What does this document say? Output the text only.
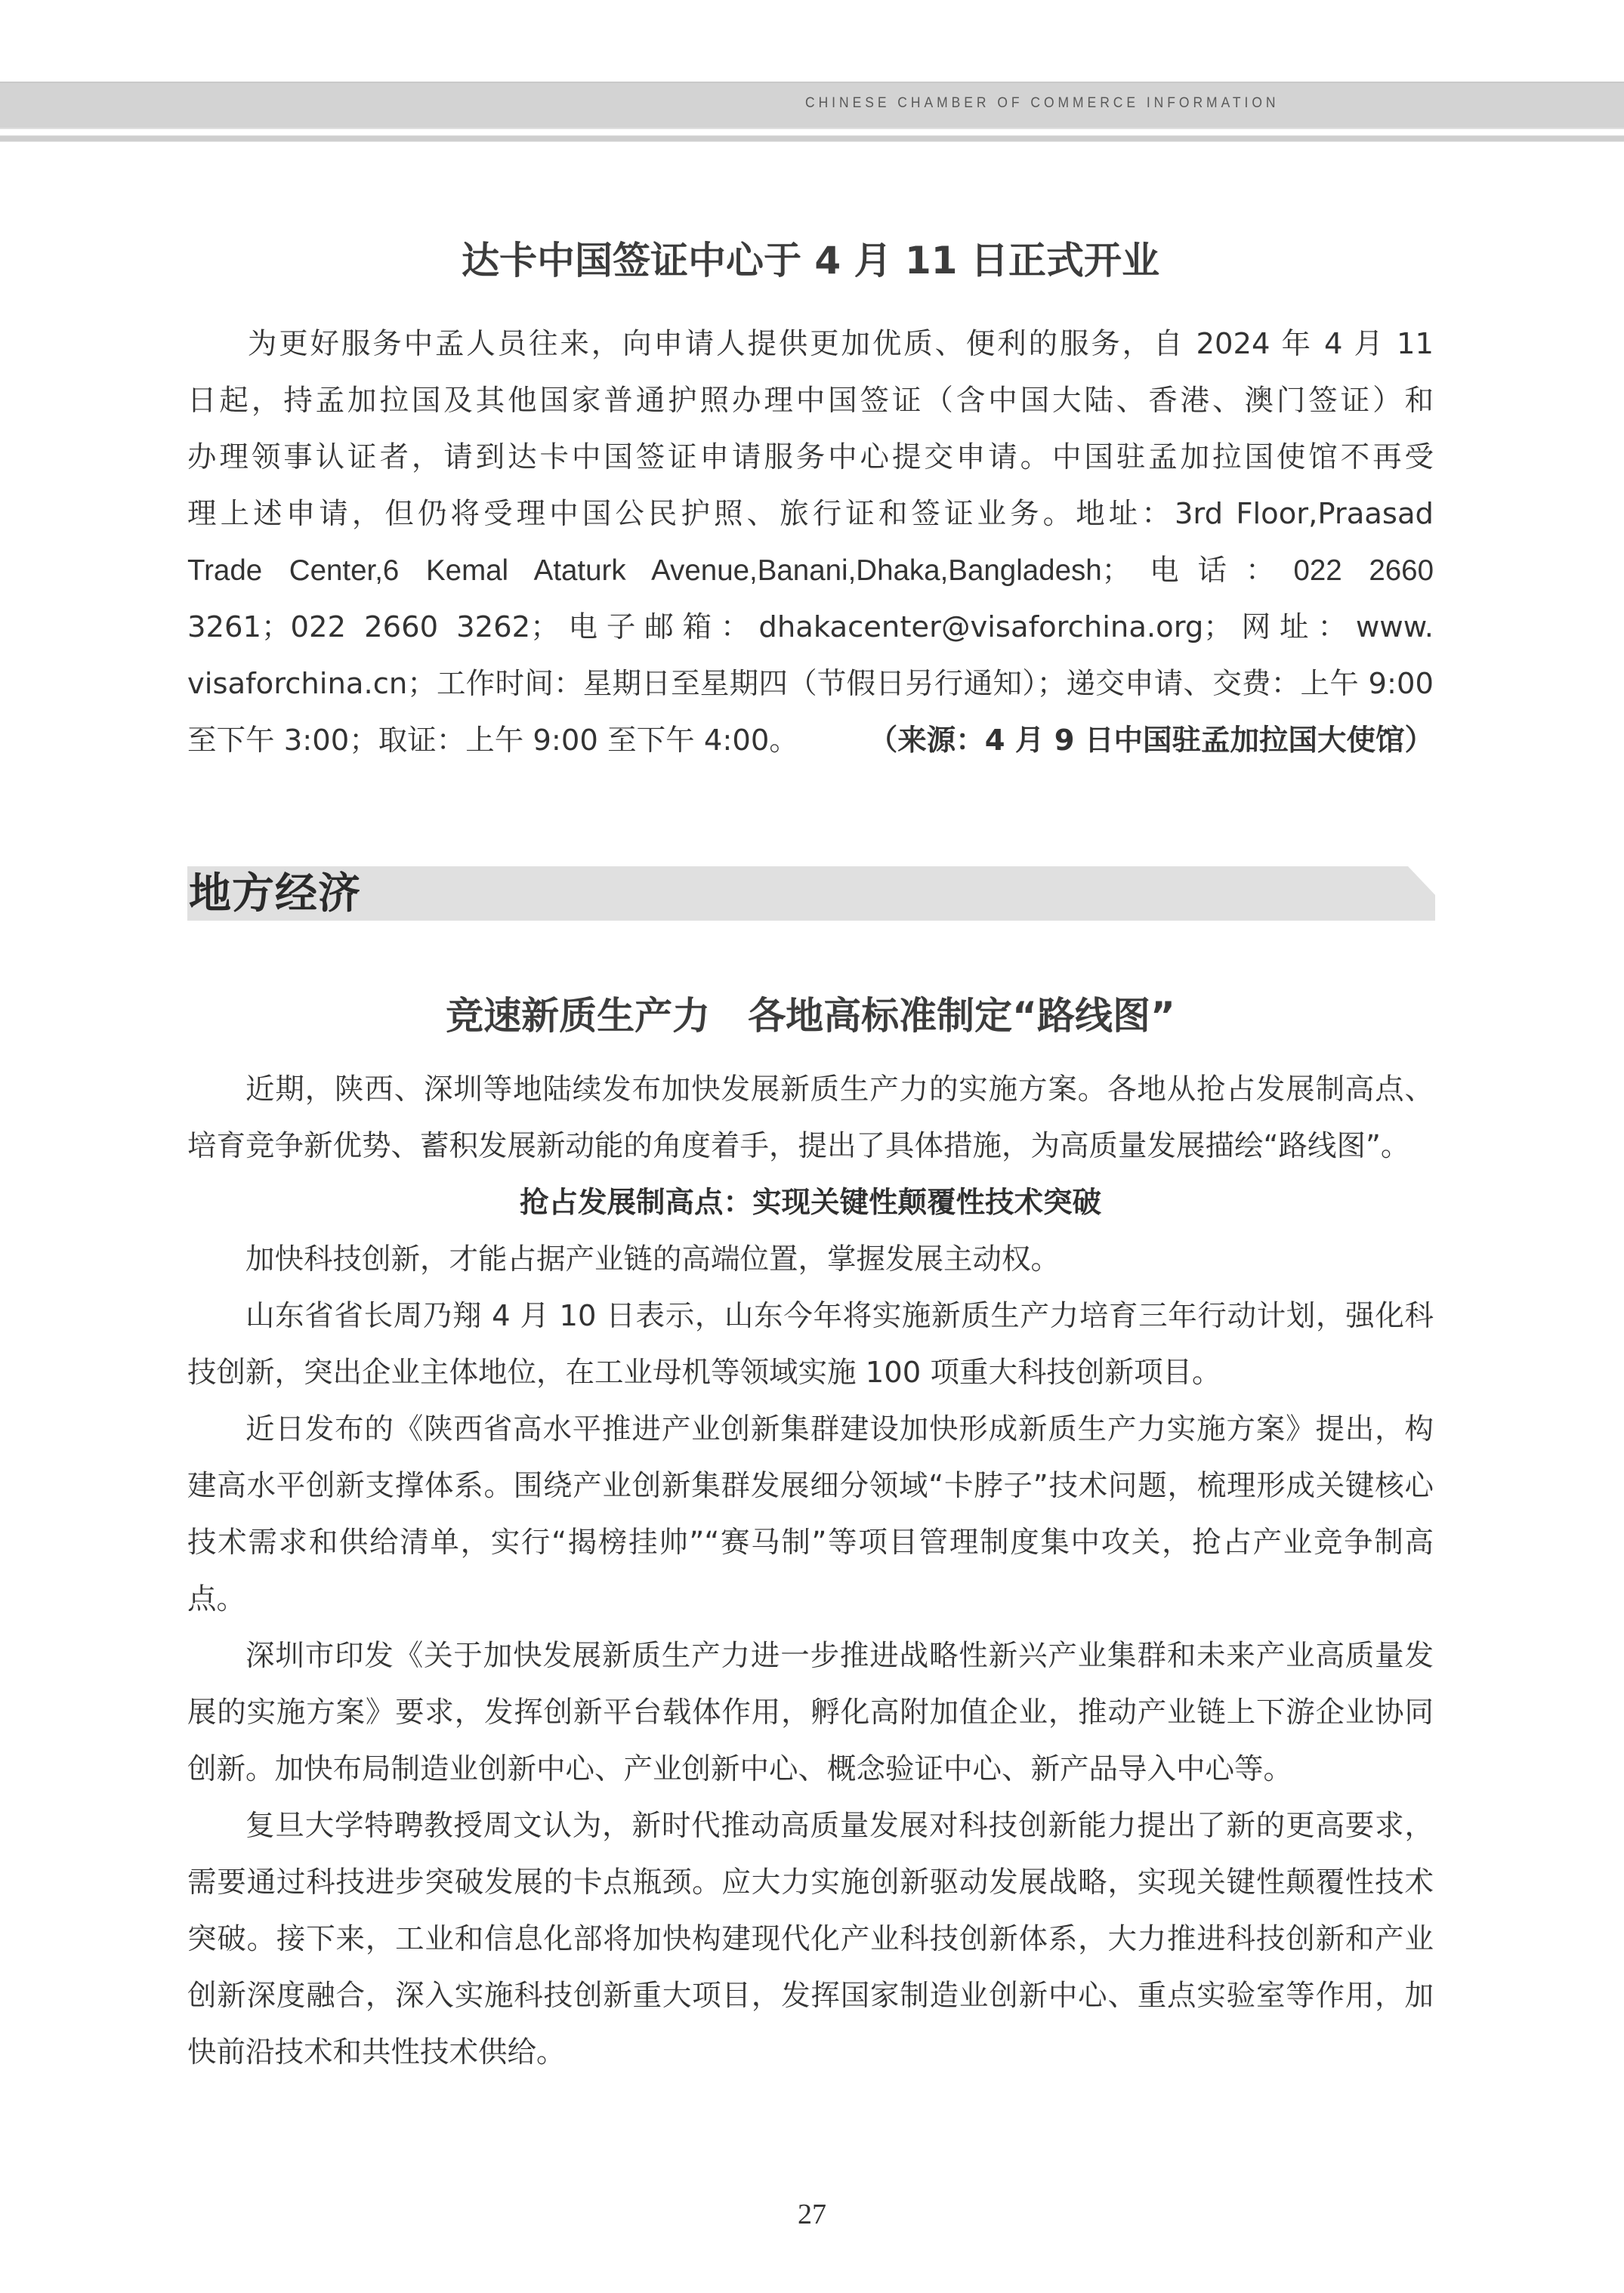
CHINESE CHAMBER OF COMMERCE INFORMATION
达卡中国签证中心于 4 月 11 日正式开业

为更好服务中孟人员往来，向申请人提供更加优质、便利的服务，自 2024 年 4 月 11

日起，持孟加拉国及其他国家普通护照办理中国签证（含中国大陆、香港、澳门签证）和

办理领事认证者，请到达卡中国签证申请服务中心提交申请。中国驻孟加拉国使馆不再受

理上述申请，但仍将受理中国公民护照、旅行证和签证业务。地址：3rd Floor,Praasad

Trade Center,6 Kemal Ataturk Avenue,Banani,Dhaka,Bangladesh；电话：022 2660

3261；022 2660 3262；电子邮箱：dhakacenter@visaforchina.org；网址：www.

visaforchina.cn；工作时间：星期日至星期四（节假日另行通知）；递交申请、交费：上午 9:00

至下午 3:00；取证：上午 9:00 至下午 4:00。 （来源：4 月 9 日中国驻孟加拉国大使馆）

地方经济
竞速新质生产力　各地高标准制定“路线图”

近期，陕西、深圳等地陆续发布加快发展新质生产力的实施方案。各地从抢占发展制高点、培育竞争新优势、蓄积发展新动能的角度着手，提出了具体措施，为高质量发展描绘“路线图”。

抢占发展制高点：实现关键性颠覆性技术突破

加快科技创新，才能占据产业链的高端位置，掌握发展主动权。

山东省省长周乃翔 4 月 10 日表示，山东今年将实施新质生产力培育三年行动计划，强化科技创新，突出企业主体地位，在工业母机等领域实施 100 项重大科技创新项目。

近日发布的《陕西省高水平推进产业创新集群建设加快形成新质生产力实施方案》提出，构建高水平创新支撑体系。围绕产业创新集群发展细分领域“卡脖子”技术问题，梳理形成关键核心技术需求和供给清单，实行“揭榜挂帅”“赛马制”等项目管理制度集中攻关，抢占产业竞争制高点。

深圳市印发《关于加快发展新质生产力进一步推进战略性新兴产业集群和未来产业高质量发展的实施方案》要求，发挥创新平台载体作用，孵化高附加值企业，推动产业链上下游企业协同创新。加快布局制造业创新中心、产业创新中心、概念验证中心、新产品导入中心等。

复旦大学特聘教授周文认为，新时代推动高质量发展对科技创新能力提出了新的更高要求，需要通过科技进步突破发展的卡点瓶颈。应大力实施创新驱动发展战略，实现关键性颠覆性技术突破。接下来，工业和信息化部将加快构建现代化产业科技创新体系，大力推进科技创新和产业创新深度融合，深入实施科技创新重大项目，发挥国家制造业创新中心、重点实验室等作用，加快前沿技术和共性技术供给。

27
